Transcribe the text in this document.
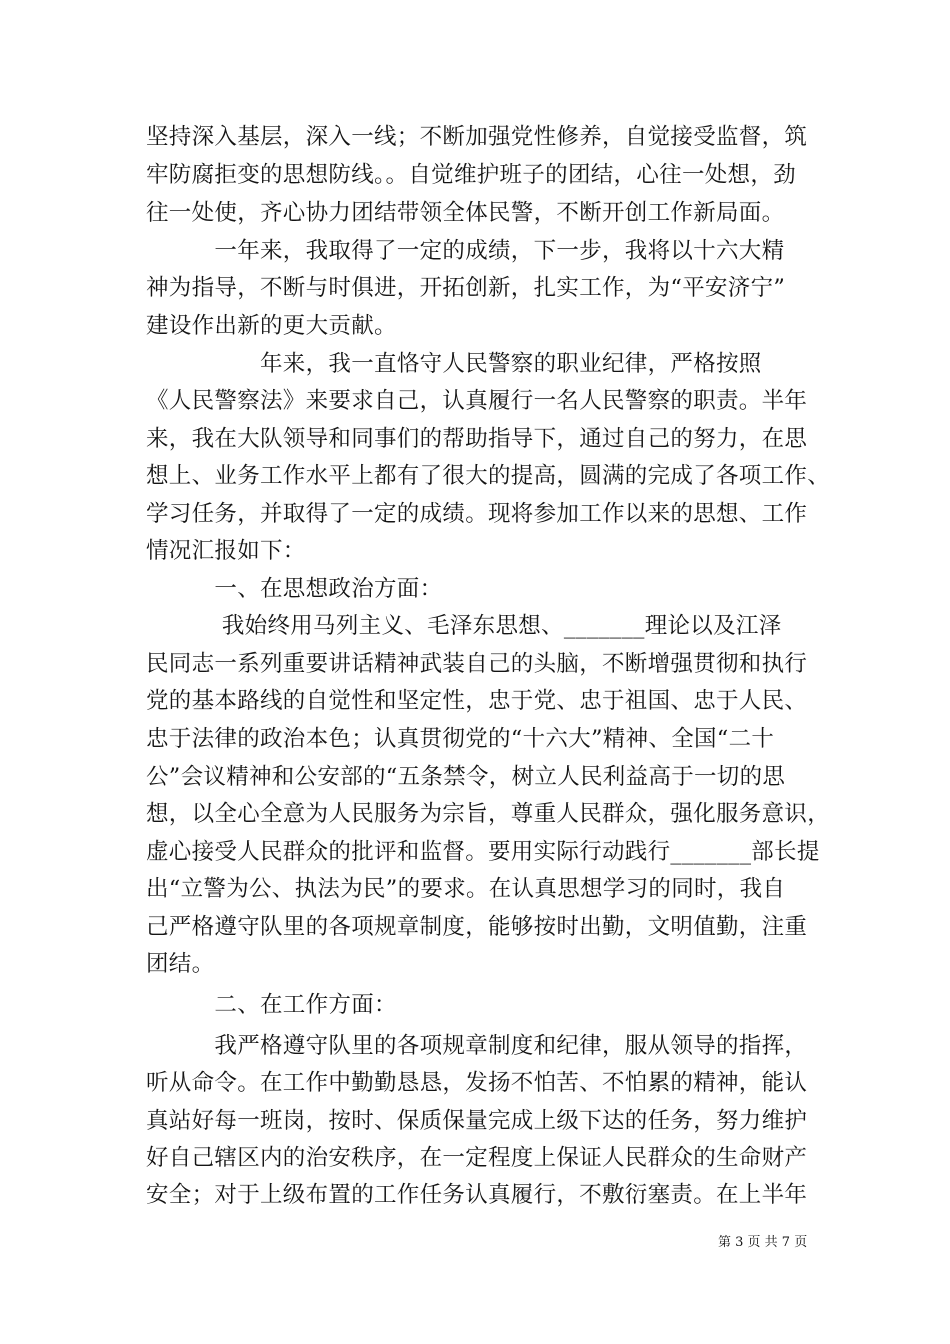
坚持深入基层，深入一线；不断加强党性修养，自觉接受监督，筑
牢防腐拒变的思想防线。。自觉维护班子的团结，心往一处想，劲
往一处使，齐心协力团结带领全体民警，不断开创工作新局面。
　　　一年来，我取得了一定的成绩，下一步，我将以十六大精
神为指导，不断与时俱进，开拓创新，扎实工作，为“平安济宁”
建设作出新的更大贡献。
　　　　　年来，我一直恪守人民警察的职业纪律，严格按照
《人民警察法》来要求自己，认真履行一名人民警察的职责。半年
来，我在大队领导和同事们的帮助指导下，通过自己的努力，在思
想上、业务工作水平上都有了很大的提高，圆满的完成了各项工作、
学习任务，并取得了一定的成绩。现将参加工作以来的思想、工作
情况汇报如下：
　　　一、在思想政治方面：
　　　 我始终用马列主义、毛泽东思想、_______理论以及江泽
民同志一系列重要讲话精神武装自己的头脑，不断增强贯彻和执行
党的基本路线的自觉性和坚定性，忠于党、忠于祖国、忠于人民、
忠于法律的政治本色；认真贯彻党的“十六大”精神、全国“二十
公”会议精神和公安部的“五条禁令，树立人民利益高于一切的思
想，以全心全意为人民服务为宗旨，尊重人民群众，强化服务意识，
虚心接受人民群众的批评和监督。要用实际行动践行_______部长提
出“立警为公、执法为民”的要求。在认真思想学习的同时，我自
己严格遵守队里的各项规章制度，能够按时出勤，文明值勤，注重
团结。
　　　二、在工作方面：
　　　我严格遵守队里的各项规章制度和纪律，服从领导的指挥，
听从命令。在工作中勤勤恳恳，发扬不怕苦、不怕累的精神，能认
真站好每一班岗，按时、保质保量完成上级下达的任务，努力维护
好自己辖区内的治安秩序，在一定程度上保证人民群众的生命财产
安全；对于上级布置的工作任务认真履行，不敷衍塞责。在上半年
第 3 页 共 7 页
